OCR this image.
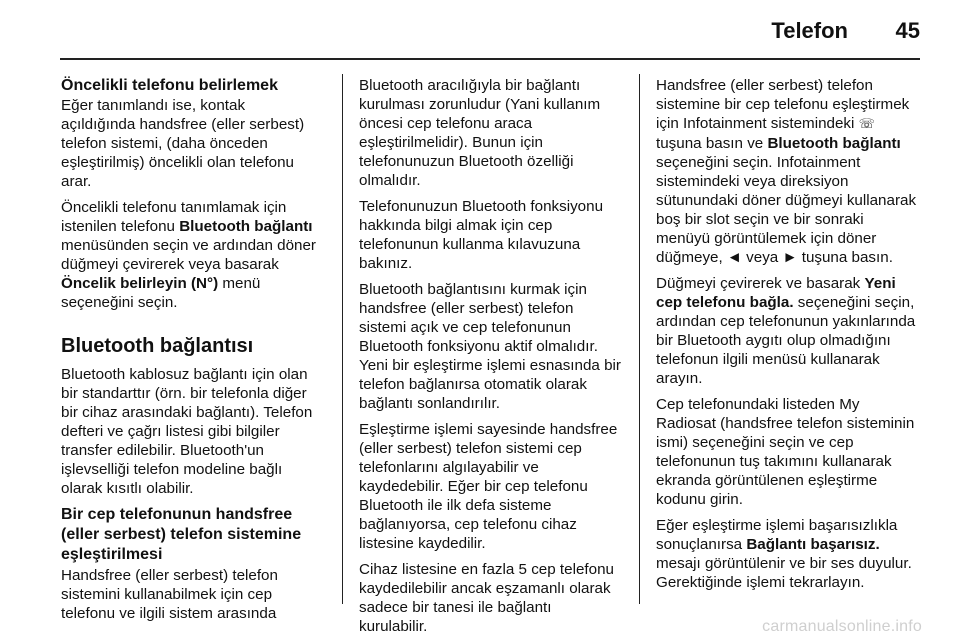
Telefon 45
Öncelikli telefonu belirlemek

Eğer tanımlandı ise, kontak açıldığında handsfree (eller serbest) telefon sistemi, (daha önceden eşleştirilmiş) öncelikli olan telefonu arar.

Öncelikli telefonu tanımlamak için istenilen telefonu Bluetooth bağlantı menüsünden seçin ve ardından döner düğmeyi çevirerek veya basarak Öncelik belirleyin (N°) menü seçeneğini seçin.

Bluetooth bağlantısı

Bluetooth kablosuz bağlantı için olan bir standarttır (örn. bir telefonla diğer bir cihaz arasındaki bağlantı). Telefon defteri ve çağrı listesi gibi bilgiler transfer edilebilir. Bluetooth'un işlevselliği telefon modeline bağlı olarak kısıtlı olabilir.

Bir cep telefonunun handsfree (eller serbest) telefon sistemine eşleştirilmesi

Handsfree (eller serbest) telefon sistemini kullanabilmek için cep telefonu ve ilgili sistem arasında

Bluetooth aracılığıyla bir bağlantı kurulması zorunludur (Yani kullanım öncesi cep telefonu araca eşleştirilmelidir). Bunun için telefonunuzun Bluetooth özelliği olmalıdır.

Telefonunuzun Bluetooth fonksiyonu hakkında bilgi almak için cep telefonunun kullanma kılavuzuna bakınız.

Bluetooth bağlantısını kurmak için handsfree (eller serbest) telefon sistemi açık ve cep telefonunun Bluetooth fonksiyonu aktif olmalıdır. Yeni bir eşleştirme işlemi esnasında bir telefon bağlanırsa otomatik olarak bağlantı sonlandırılır.

Eşleştirme işlemi sayesinde handsfree (eller serbest) telefon sistemi cep telefonlarını algılayabilir ve kaydedebilir. Eğer bir cep telefonu Bluetooth ile ilk defa sisteme bağlanıyorsa, cep telefonu cihaz listesine kaydedilir.

Cihaz listesine en fazla 5 cep telefonu kaydedilebilir ancak eşzamanlı olarak sadece bir tanesi ile bağlantı kurulabilir.

Handsfree (eller serbest) telefon sistemine bir cep telefonu eşleştirmek için Infotainment sistemindeki ☏ tuşuna basın ve Bluetooth bağlantı seçeneğini seçin. Infotainment sistemindeki veya direksiyon sütunundaki döner düğmeyi kullanarak boş bir slot seçin ve bir sonraki menüyü görüntülemek için döner düğmeye, ◄ veya ► tuşuna basın.

Düğmeyi çevirerek ve basarak Yeni cep telefonu bağla. seçeneğini seçin, ardından cep telefonunun yakınlarında bir Bluetooth aygıtı olup olmadığını telefonun ilgili menüsü kullanarak arayın.

Cep telefonundaki listeden My Radiosat (handsfree telefon sisteminin ismi) seçeneğini seçin ve cep telefonunun tuş takımını kullanarak ekranda görüntülenen eşleştirme kodunu girin.

Eğer eşleştirme işlemi başarısızlıkla sonuçlanırsa Bağlantı başarısız. mesajı görüntülenir ve bir ses duyulur. Gerektiğinde işlemi tekrarlayın.

carmanualsonline.info
